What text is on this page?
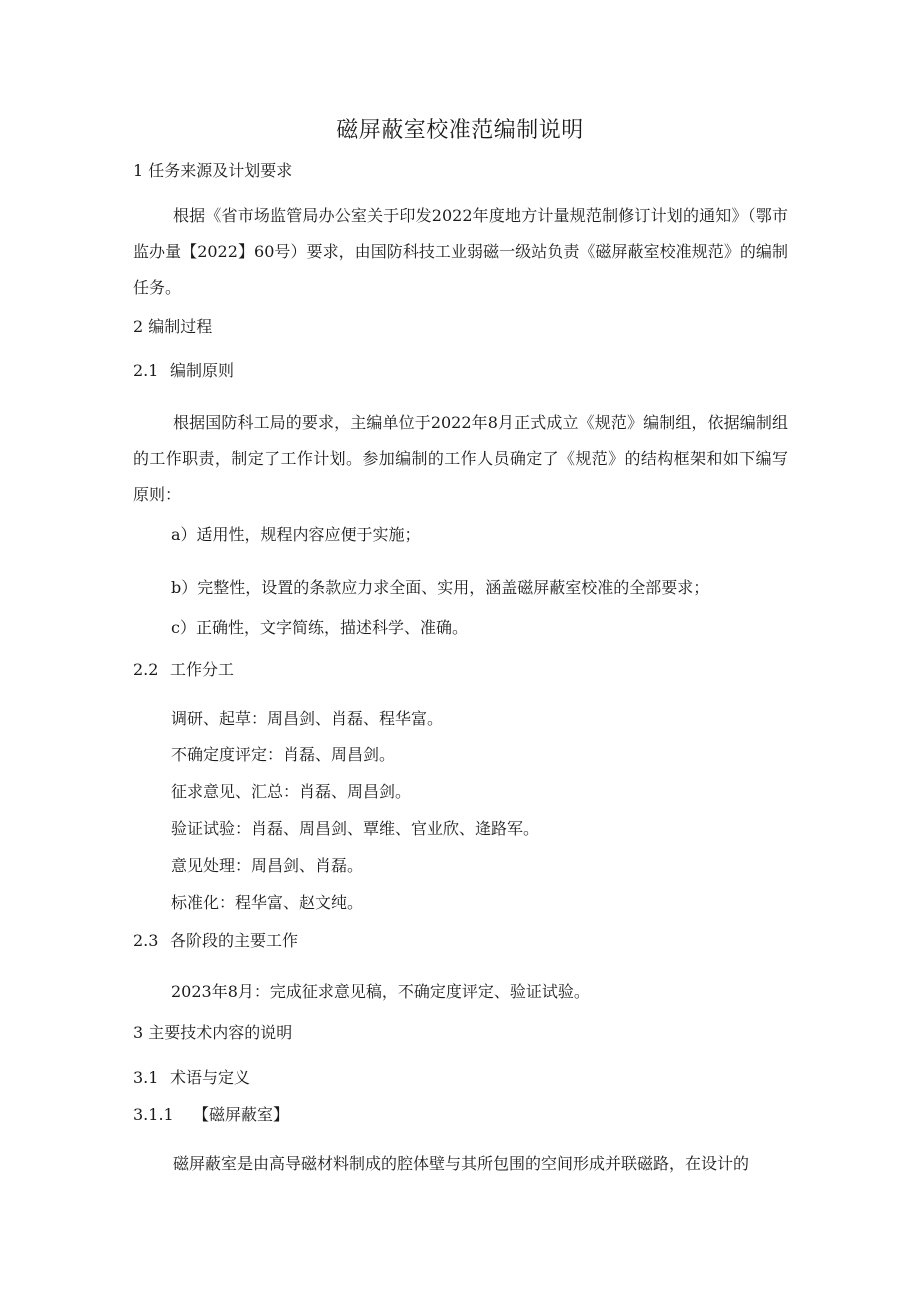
磁屏蔽室校准范编制说明
1 任务来源及计划要求
根据《省市场监管局办公室关于印发2022年度地方计量规范制修订计划的通知》（鄂市监办量【2022】60号）要求，由国防科技工业弱磁一级站负责《磁屏蔽室校准规范》的编制任务。
2 编制过程
2.1 编制原则
根据国防科工局的要求，主编单位于2022年8月正式成立《规范》编制组，依据编制组的工作职责，制定了工作计划。参加编制的工作人员确定了《规范》的结构框架和如下编写原则：
a）适用性，规程内容应便于实施；
b）完整性，设置的条款应力求全面、实用，涵盖磁屏蔽室校准的全部要求；
c）正确性，文字简练，描述科学、准确。
2.2 工作分工
调研、起草：周昌剑、肖磊、程华富。
不确定度评定：肖磊、周昌剑。
征求意见、汇总：肖磊、周昌剑。
验证试验：肖磊、周昌剑、覃维、官业欣、逄路军。
意见处理：周昌剑、肖磊。
标准化：程华富、赵文纯。
2.3 各阶段的主要工作
2023年8月：完成征求意见稿，不确定度评定、验证试验。
3 主要技术内容的说明
3.1 术语与定义
3.1.1 【磁屏蔽室】
磁屏蔽室是由高导磁材料制成的腔体壁与其所包围的空间形成并联磁路，在设计的
